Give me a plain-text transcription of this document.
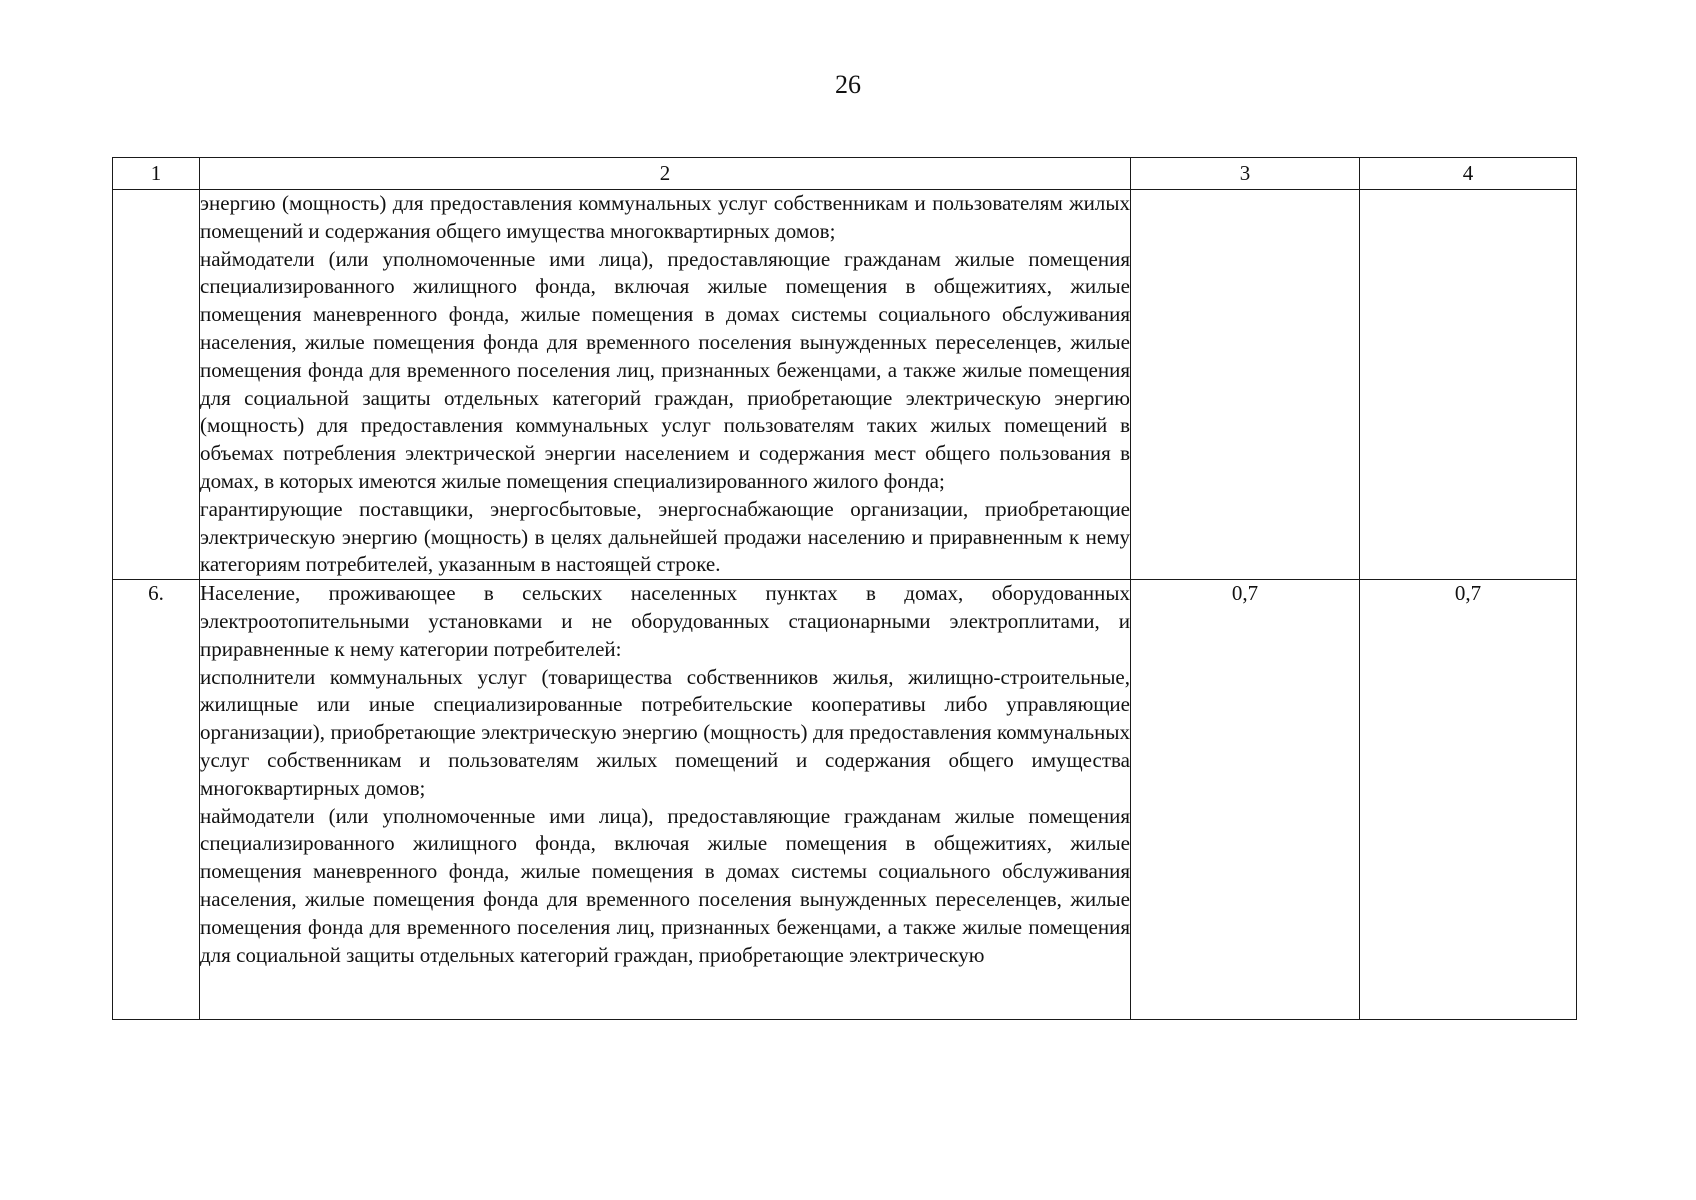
26
1	2	3	4

	энергию (мощность) для предоставления коммунальных услуг собственникам и пользователям жилых помещений и содержания общего имущества многоквартирных домов;
наймодатели (или уполномоченные ими лица), предоставляющие гражданам жилые помещения специализированного жилищного фонда, включая жилые помещения в общежитиях, жилые помещения маневренного фонда, жилые помещения в домах системы социального обслуживания населения, жилые помещения фонда для временного поселения вынужденных переселенцев, жилые помещения фонда для временного поселения лиц, признанных беженцами, а также жилые помещения для социальной защиты отдельных категорий граждан, приобретающие электрическую энергию (мощность) для предоставления коммунальных услуг пользователям таких жилых помещений в объемах потребления электрической энергии населением и содержания мест общего пользования в домах, в которых имеются жилые помещения специализированного жилого фонда;
гарантирующие поставщики, энергосбытовые, энергоснабжающие организации, приобретающие электрическую энергию (мощность) в целях дальнейшей продажи населению и приравненным к нему категориям потребителей, указанным в настоящей строке.		

6.	Население, проживающее в сельских населенных пунктах в домах, оборудованных электроотопительными установками и не оборудованных стационарными электроплитами, и приравненные к нему категории потребителей:
исполнители коммунальных услуг (товарищества собственников жилья, жилищно-строительные, жилищные или иные специализированные потребительские кооперативы либо управляющие организации), приобретающие электрическую энергию (мощность) для предоставления коммунальных услуг собственникам и пользователям жилых помещений и содержания общего имущества многоквартирных домов;
наймодатели (или уполномоченные ими лица), предоставляющие гражданам жилые помещения специализированного жилищного фонда, включая жилые помещения в общежитиях, жилые помещения маневренного фонда, жилые помещения в домах системы социального обслуживания населения, жилые помещения фонда для временного поселения вынужденных переселенцев, жилые помещения фонда для временного поселения лиц, признанных беженцами, а также жилые помещения для социальной защиты отдельных категорий граждан, приобретающие электрическую	0,7	0,7
